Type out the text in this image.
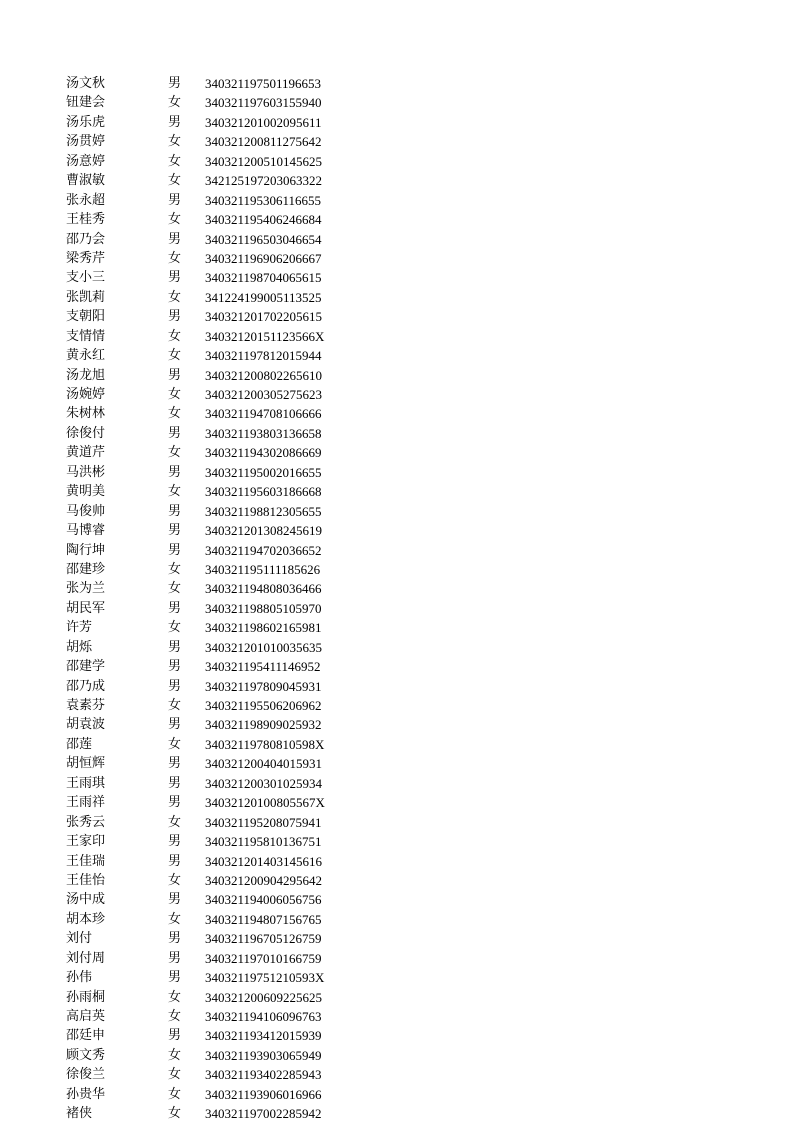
汤文秋	男 340321197501196653
钮建会	女 340321197603155940
汤乐虎	男 340321201002095611
汤贯婷	女 340321200811275642
汤意婷	女 340321200510145625
曹淑敏	女 342125197203063322
张永超	男 340321195306116655
王桂秀	女 340321195406246684
邵乃会	男 340321196503046654
梁秀芹	女 340321196906206667
支小三	男 340321198704065615
张凯莉	女 341224199005113525
支朝阳	男 340321201702205615
支情情	女 34032120151123566X
黄永红	女 340321197812015944
汤龙旭	男 340321200802265610
汤婉婷	女 340321200305275623
朱树林	女 340321194708106666
徐俊付	男 340321193803136658
黄道芹	女 340321194302086669
马洪彬	男 340321195002016655
黄明美	女 340321195603186668
马俊帅	男 340321198812305655
马博睿	男 340321201308245619
陶行坤	男 340321194702036652
邵建珍	女 340321195111185626
张为兰	女 340321194808036466
胡民军	男 340321198805105970
许芳	女 340321198602165981
胡烁	男 340321201010035635
邵建学	男 340321195411146952
邵乃成	男 340321197809045931
袁素芬	女 340321195506206962
胡袁波	男 340321198909025932
邵莲	女 34032119780810598X
胡恒辉	男 340321200404015931
王雨琪	男 340321200301025934
王雨祥	男 34032120100805567X
张秀云	女 340321195208075941
王家印	男 340321195810136751
王佳瑞	男 340321201403145616
王佳怡	女 340321200904295642
汤中成	男 340321194006056756
胡本珍	女 340321194807156765
刘付	男 340321196705126759
刘付周	男 340321197010166759
孙伟	男 34032119751210593X
孙雨桐	女 340321200609225625
高启英	女 340321194106096763
邵廷申	男 340321193412015939
顾文秀	女 340321193903065949
徐俊兰	女 340321193402285943
孙贵华	女 340321193906016966
褚侠	女 340321197002285942
